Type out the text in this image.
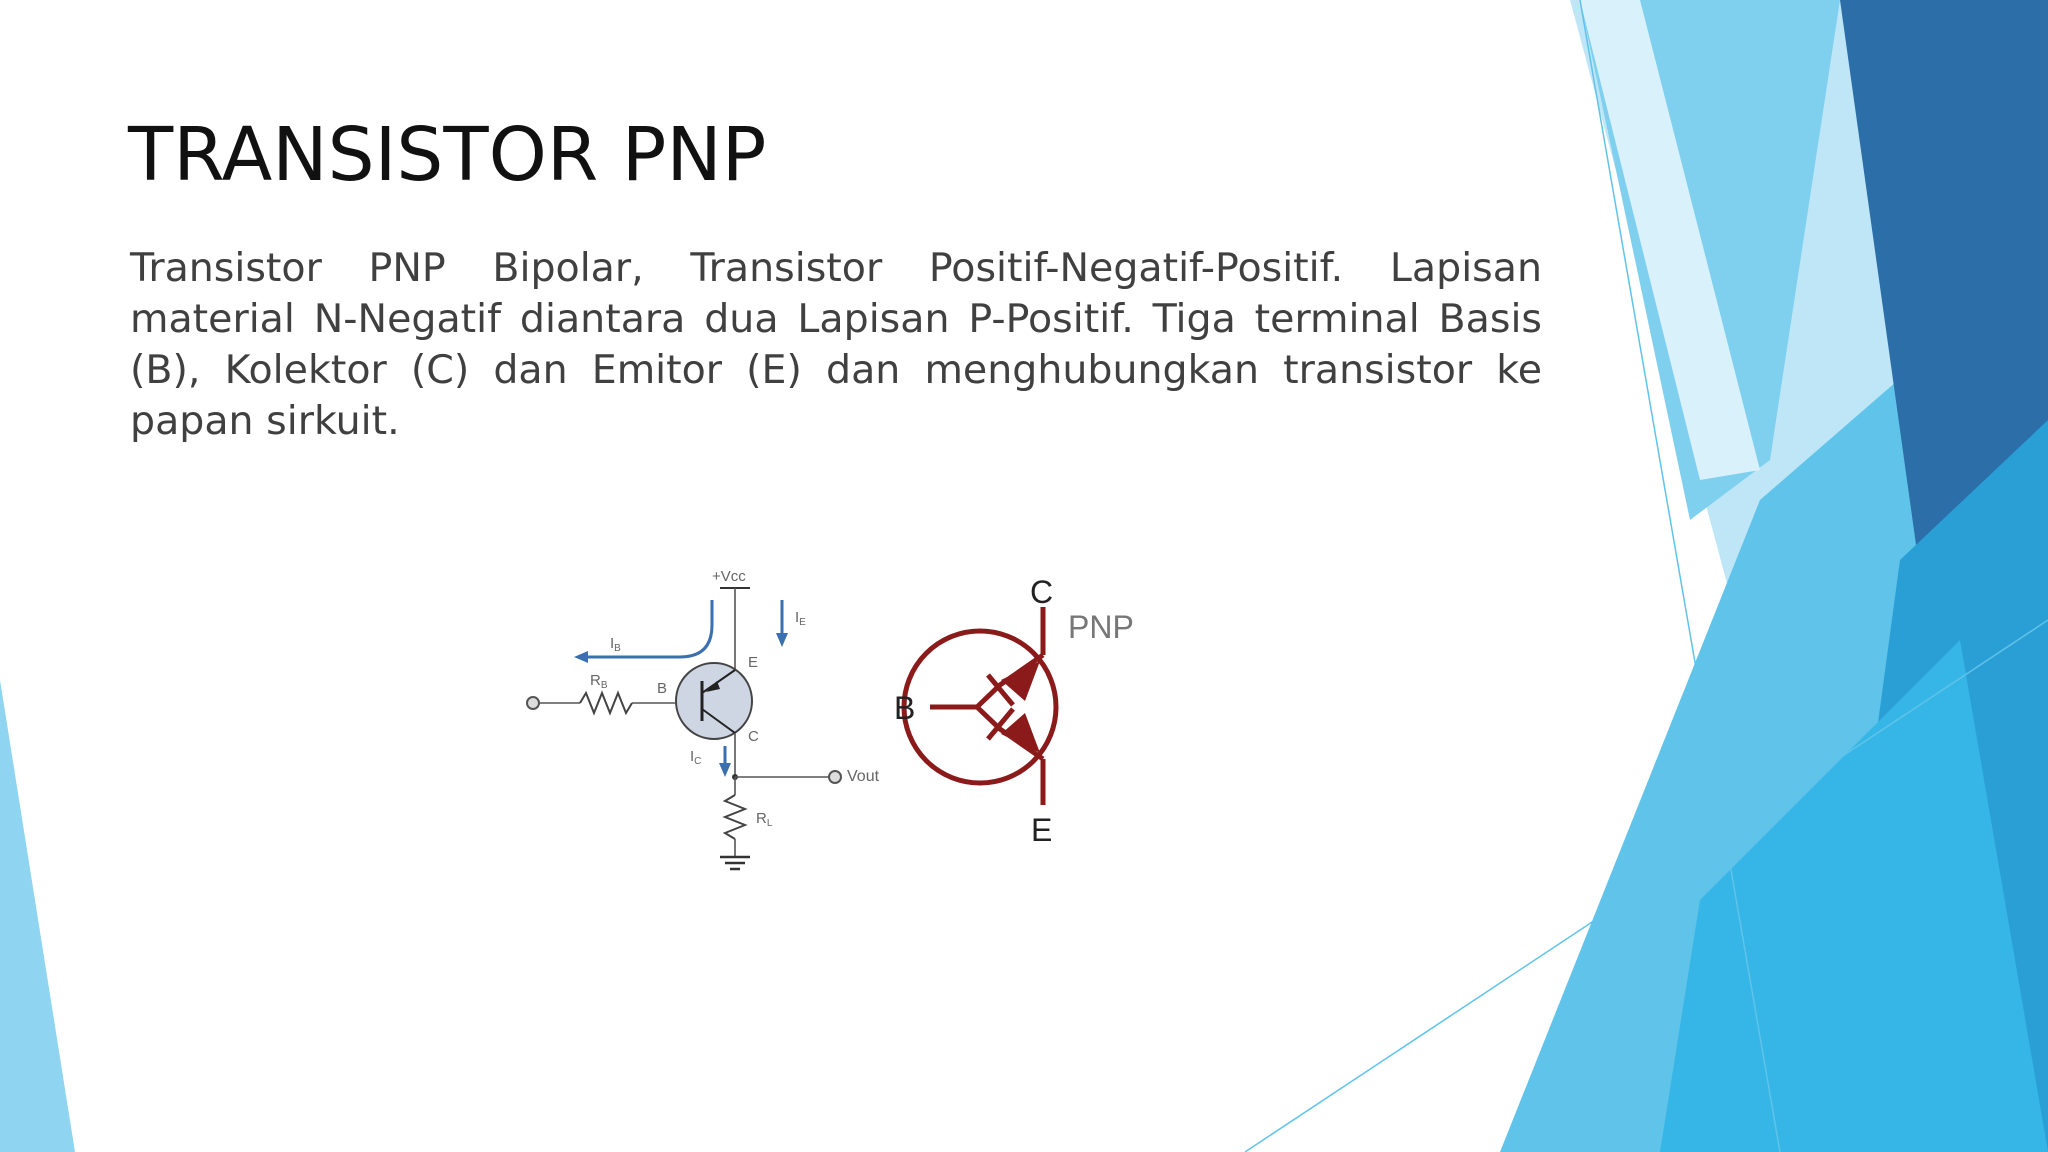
TRANSISTOR PNP

Transistor PNP Bipolar, Transistor Positif-Negatif-Positif. Lapisan material N-Negatif diantara dua Lapisan P-Positif. Tiga terminal Basis (B), Kolektor (C) dan Emitor (E) dan menghubungkan transistor ke papan sirkuit.

+Vcc
$R_B$	B
E
C
$I_B$
$I_E$
$I_C$
Vout
$R_L$
C
B
E
PNP
